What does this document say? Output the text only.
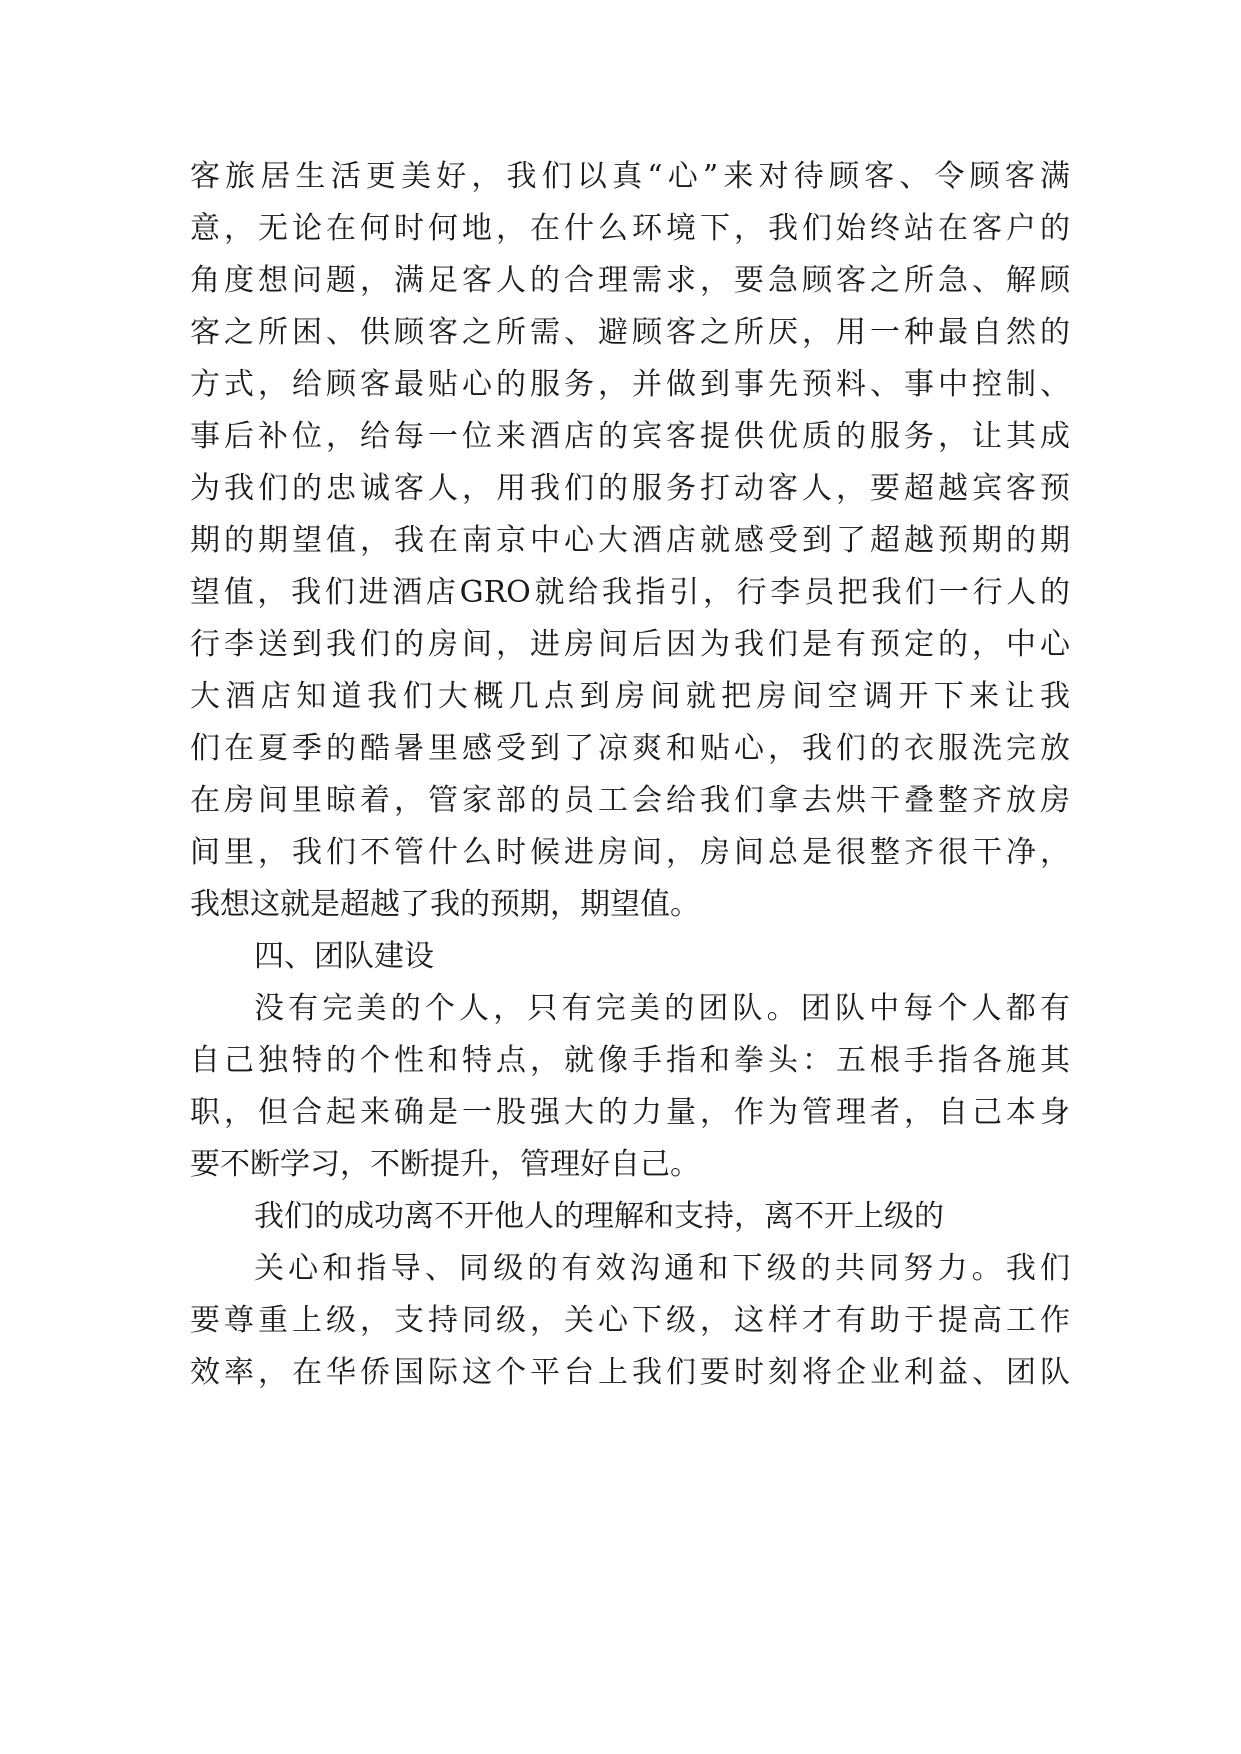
客旅居生活更美好，我们以真“心”来对待顾客、令顾客满
意，无论在何时何地，在什么环境下，我们始终站在客户的
角度想问题，满足客人的合理需求，要急顾客之所急、解顾
客之所困、供顾客之所需、避顾客之所厌，用一种最自然的
方式，给顾客最贴心的服务，并做到事先预料、事中控制、
事后补位，给每一位来酒店的宾客提供优质的服务，让其成
为我们的忠诚客人，用我们的服务打动客人，要超越宾客预
期的期望值，我在南京中心大酒店就感受到了超越预期的期
望值，我们进酒店GRO就给我指引，行李员把我们一行人的
行李送到我们的房间，进房间后因为我们是有预定的，中心
大酒店知道我们大概几点到房间就把房间空调开下来让我
们在夏季的酷暑里感受到了凉爽和贴心，我们的衣服洗完放
在房间里晾着，管家部的员工会给我们拿去烘干叠整齐放房
间里，我们不管什么时候进房间，房间总是很整齐很干净，
我想这就是超越了我的预期，期望值。
四、团队建设
没有完美的个人，只有完美的团队。团队中每个人都有
自己独特的个性和特点，就像手指和拳头：五根手指各施其
职，但合起来确是一股强大的力量，作为管理者，自己本身
要不断学习，不断提升，管理好自己。
我们的成功离不开他人的理解和支持，离不开上级的
关心和指导、同级的有效沟通和下级的共同努力。我们
要尊重上级，支持同级，关心下级，这样才有助于提高工作
效率，在华侨国际这个平台上我们要时刻将企业利益、团队
